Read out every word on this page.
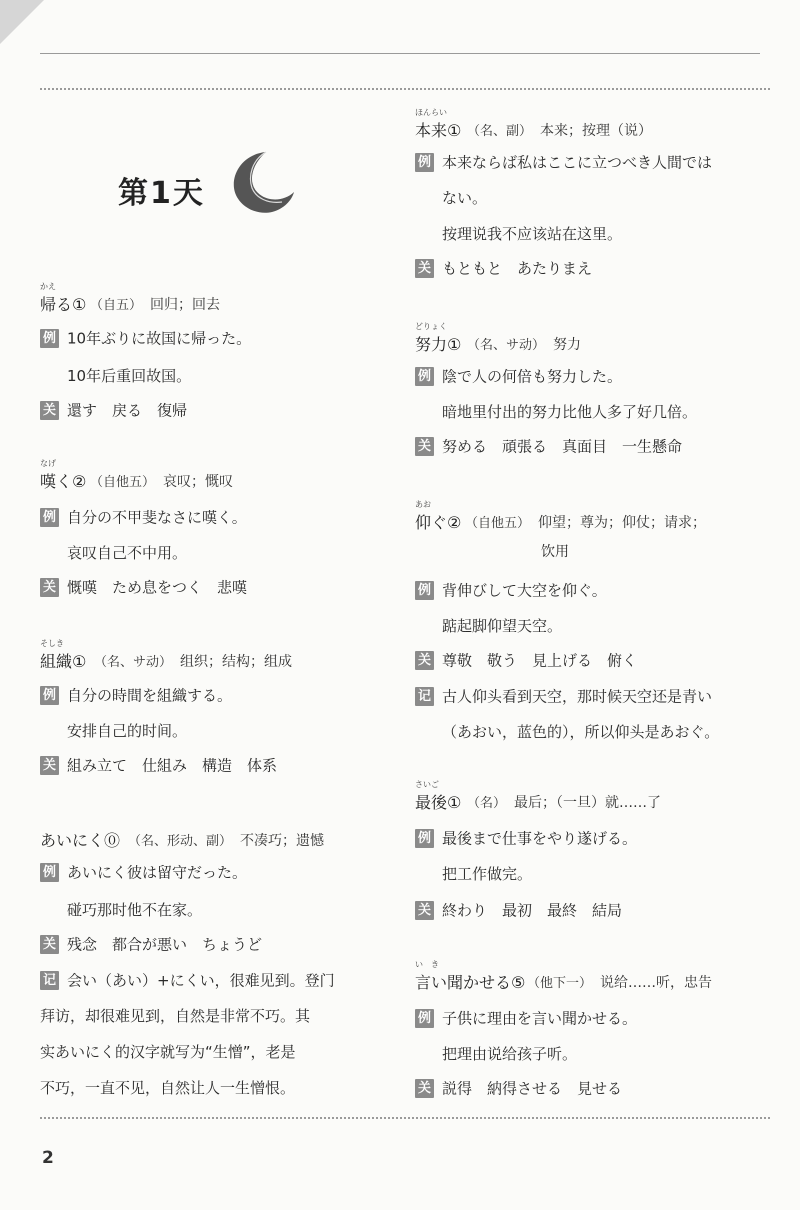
第1天
かえ
帰る① （自五） 回归；回去
例 10年ぶりに故国に帰った。
10年后重回故国。
关 還す　戻る　復帰
なげ
嘆く② （自他五） 哀叹；慨叹
例 自分の不甲斐なさに嘆く。
哀叹自己不中用。
关 慨嘆　ため息をつく　悲嘆
そしき
組織① （名、サ动） 组织；结构；组成
例 自分の時間を組織する。
安排自己的时间。
关 組み立て　仕組み　構造　体系
あいにく⓪ （名、形动、副） 不凑巧；遗憾
例 あいにく彼は留守だった。
碰巧那时他不在家。
关 残念　都合が悪い　ちょうど
记 会い（あい）+にくい，很难见到。登门
拜访，却很难见到，自然是非常不巧。其
实あいにく的汉字就写为“生憎”，老是
不巧，一直不见，自然让人一生憎恨。
ほんらい
本来① （名、副） 本来；按理（说）
例 本来ならば私はここに立つべき人間では
ない。
按理说我不应该站在这里。
关 もともと　あたりまえ
どりょく
努力① （名、サ动） 努力
例 陰で人の何倍も努力した。
暗地里付出的努力比他人多了好几倍。
关 努める　頑張る　真面目　一生懸命
あお
仰ぐ② （自他五） 仰望；尊为；仰仗；请求；
饮用
例 背伸びして大空を仰ぐ。
踮起脚仰望天空。
关 尊敬　敬う　見上げる　俯く
记 古人仰头看到天空，那时候天空还是青い
（あおい，蓝色的），所以仰头是あおぐ。
さいご
最後① （名） 最后；（一旦）就……了
例 最後まで仕事をやり遂げる。
把工作做完。
关 終わり　最初　最終　結局
い　き
言い聞かせる⑤ （他下一） 说给……听，忠告
例 子供に理由を言い聞かせる。
把理由说给孩子听。
关 説得　納得させる　見せる
2
